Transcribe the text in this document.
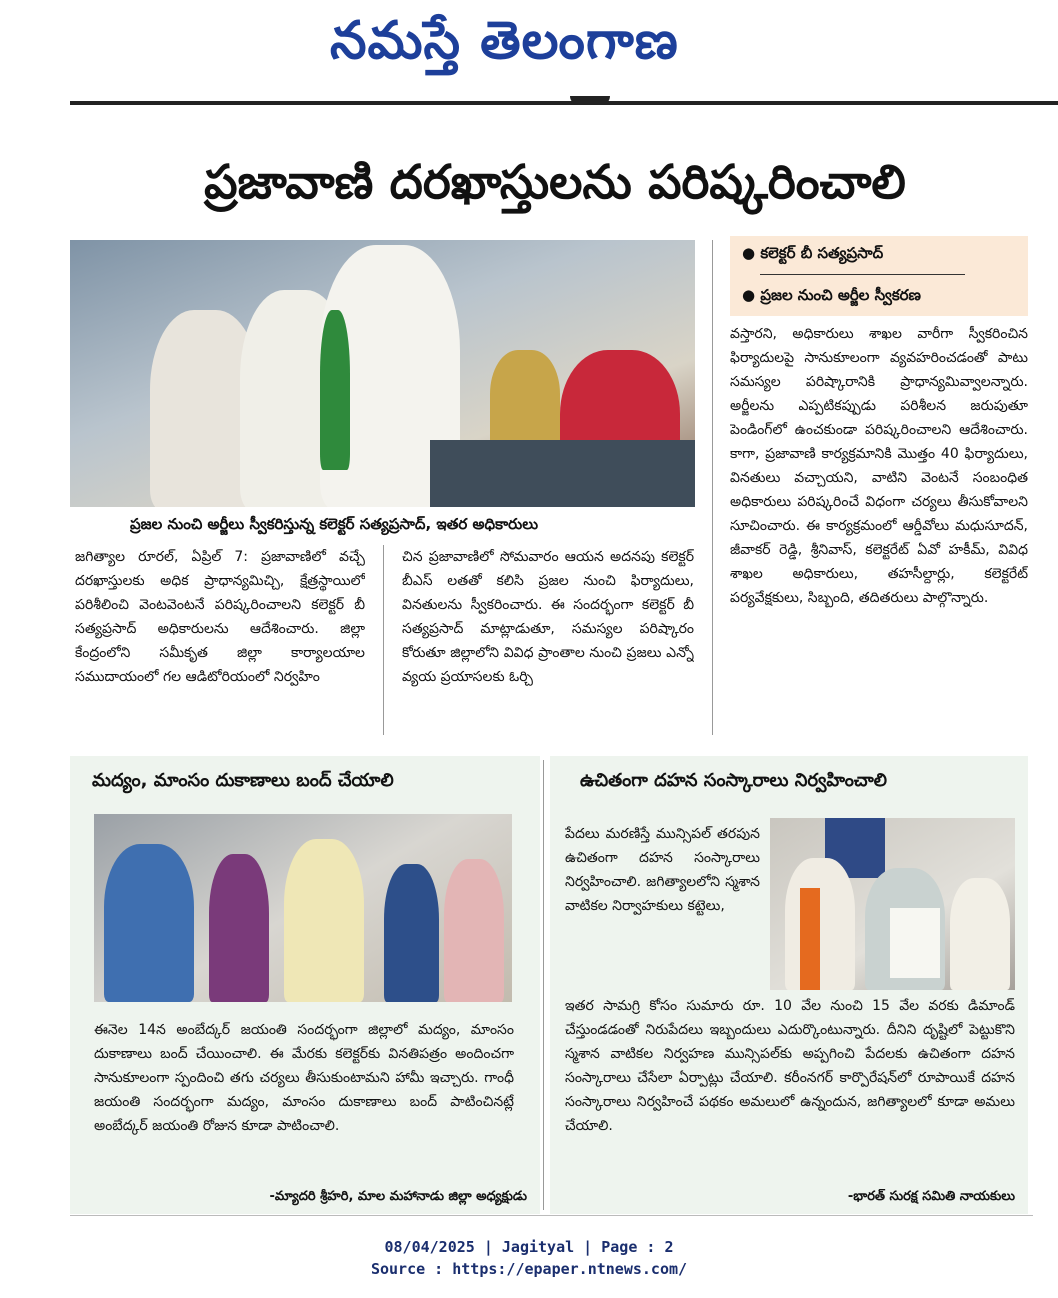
నమస్తే తెలంగాణ
ప్రజావాణి దరఖాస్తులను పరిష్కరించాలి
ప్రజల నుంచి అర్జీలు స్వీకరిస్తున్న కలెక్టర్ సత్యప్రసాద్, ఇతర అధికారులు
● కలెక్టర్ బీ సత్యప్రసాద్
● ప్రజల నుంచి అర్జీల స్వీకరణ
జగిత్యాల రూరల్, ఏప్రిల్ 7: ప్రజావాణిలో వచ్చే దరఖాస్తులకు అధిక ప్రాధాన్యమిచ్చి, క్షేత్రస్థాయిలో పరిశీలించి వెంటవెంటనే పరిష్కరించాలని కలెక్టర్ బీ సత్యప్రసాద్ అధికారులను ఆదేశించారు. జిల్లా కేంద్రంలోని సమీకృత జిల్లా కార్యాలయాల సముదాయంలో గల ఆడిటోరియంలో నిర్వహిం
చిన ప్రజావాణిలో సోమవారం ఆయన అదనపు కలెక్టర్ బీఎస్ లతతో కలిసి ప్రజల నుంచి ఫిర్యాదులు, వినతులను స్వీకరించారు. ఈ సందర్భంగా కలెక్టర్ బీ సత్యప్రసాద్ మాట్లాడుతూ, సమస్యల పరిష్కారం కోరుతూ జిల్లాలోని వివిధ ప్రాంతాల నుంచి ప్రజలు ఎన్నో వ్యయ ప్రయాసలకు ఓర్చి
వస్తారని, అధికారులు శాఖల వారీగా స్వీకరించిన ఫిర్యాదులపై సానుకూలంగా వ్యవహరించడంతో పాటు సమస్యల పరిష్కారానికి ప్రాధాన్యమివ్వాలన్నారు. అర్జీలను ఎప్పటికప్పుడు పరిశీలన జరుపుతూ పెండింగ్‌లో ఉంచకుండా పరిష్కరించాలని ఆదేశించారు. కాగా, ప్రజావాణి కార్యక్రమానికి మొత్తం 40 ఫిర్యాదులు, వినతులు వచ్చాయని, వాటిని వెంటనే సంబంధిత అధికారులు పరిష్కరించే విధంగా చర్యలు తీసుకోవాలని సూచించారు. ఈ కార్యక్రమంలో ఆర్డీవోలు మధుసూదన్, జీవాకర్ రెడ్డి, శ్రీనివాస్, కలెక్టరేట్ ఏవో హకీమ్, వివిధ శాఖల అధికారులు, తహసీల్దార్లు, కలెక్టరేట్ పర్యవేక్షకులు, సిబ్బంది, తదితరులు పాల్గొన్నారు.
మద్యం, మాంసం దుకాణాలు బంద్ చేయాలి
ఈనెల 14న అంబేద్కర్ జయంతి సందర్భంగా జిల్లాలో మద్యం, మాంసం దుకాణాలు బంద్ చేయించాలి. ఈ మేరకు కలెక్టర్‌కు వినతిపత్రం అందించగా సానుకూలంగా స్పందించి తగు చర్యలు తీసుకుంటామని హామీ ఇచ్చారు. గాంధీ జయంతి సందర్భంగా మద్యం, మాంసం దుకాణాలు బంద్ పాటించినట్లే అంబేద్కర్ జయంతి రోజున కూడా పాటించాలి.
-మ్యాదరి శ్రీహరి, మాల మహానాడు జిల్లా అధ్యక్షుడు
ఉచితంగా దహన సంస్కారాలు నిర్వహించాలి
పేదలు మరణిస్తే మున్సిపల్ తరపున ఉచితంగా దహన సంస్కారాలు నిర్వహించాలి. జగిత్యాలలోని స్మశాన వాటికల నిర్వాహకులు కట్టెలు,
ఇతర సామగ్రి కోసం సుమారు రూ. 10 వేల నుంచి 15 వేల వరకు డిమాండ్ చేస్తుండడంతో నిరుపేదలు ఇబ్బందులు ఎదుర్కొంటున్నారు. దీనిని దృష్టిలో పెట్టుకొని స్మశాన వాటికల నిర్వహణ మున్సిపల్‌కు అప్పగించి పేదలకు ఉచితంగా దహన సంస్కారాలు చేసేలా ఏర్పాట్లు చేయాలి. కరీంనగర్ కార్పొరేషన్‌లో రూపాయికే దహన సంస్కారాలు నిర్వహించే పథకం అమలులో ఉన్నందున, జగిత్యాలలో కూడా అమలు చేయాలి.
-భారత్ సురక్ష సమితి నాయకులు
08/04/2025 | Jagityal | Page : 2
Source : https://epaper.ntnews.com/
